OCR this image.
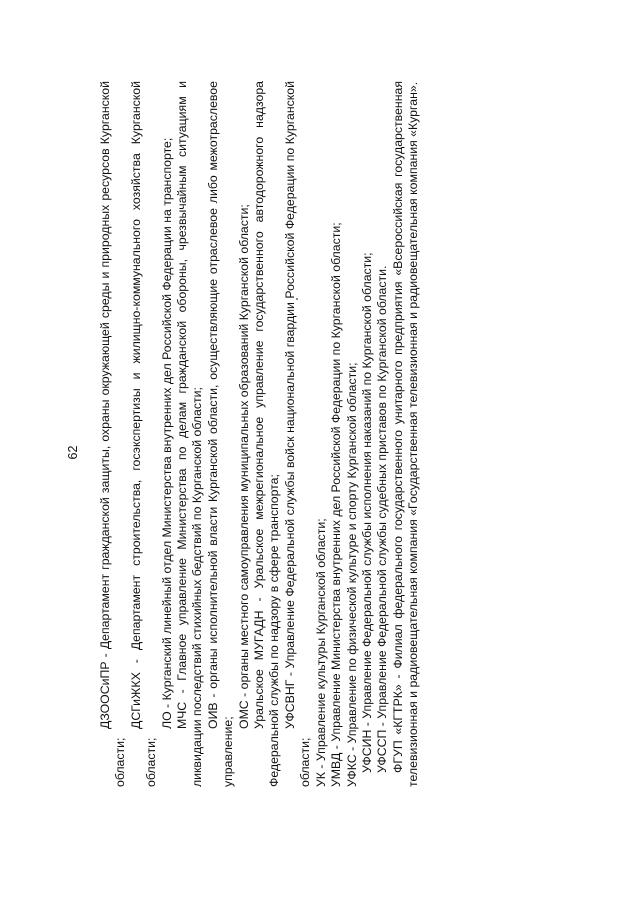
62 ДЗООСиПР - Департамент гражданской защиты, охраны окружающей среды и природных ресурсов Курганской области;

ДСГиЖКХ - Департамент строительства, госэкспертизы и жилищно-коммунального хозяйства Курганской области;

ЛО - Курганский линейный отдел Министерства внутренних дел Российской Федерации на транспорте; МЧС - Главное управление Министерства по делам гражданской обороны, чрезвычайным ситуациям и ликвидации последствий стихийных бедствий по Курганской области; ОИВ - органы исполнительной власти Курганской области, осуществляющие отраслевое либо межотраслевое управление;

ОМС - органы местного самоуправления муниципальных образований Курганской области; Уральское МУГАДН - Уральское межрегиональное управление государственного автодорожного надзора Федеральной службы по надзору в сфере транспорта; УФСВНГ - Управление Федеральной службы войск национальной гвардии Российской Федерации по Курганской области; УК - Управление культуры Курганской области; УМВД - Управление Министерства внутренних дел Российской Федерации по Курганской области; УФКС - Управление по физической культуре и спорту Курганской области; УФСИН - Управление Федеральной службы исполнения наказаний по Курганской области; УФССП - Управление Федеральной службы судебных приставов по Курганской области. ФГУП «КГТРК» - Филиал федерального государственного унитарного предприятия «Всероссийская государственная телевизионная и радиовещательная компания «Государственная телевизионная и радиовещательная компания «Курган».
